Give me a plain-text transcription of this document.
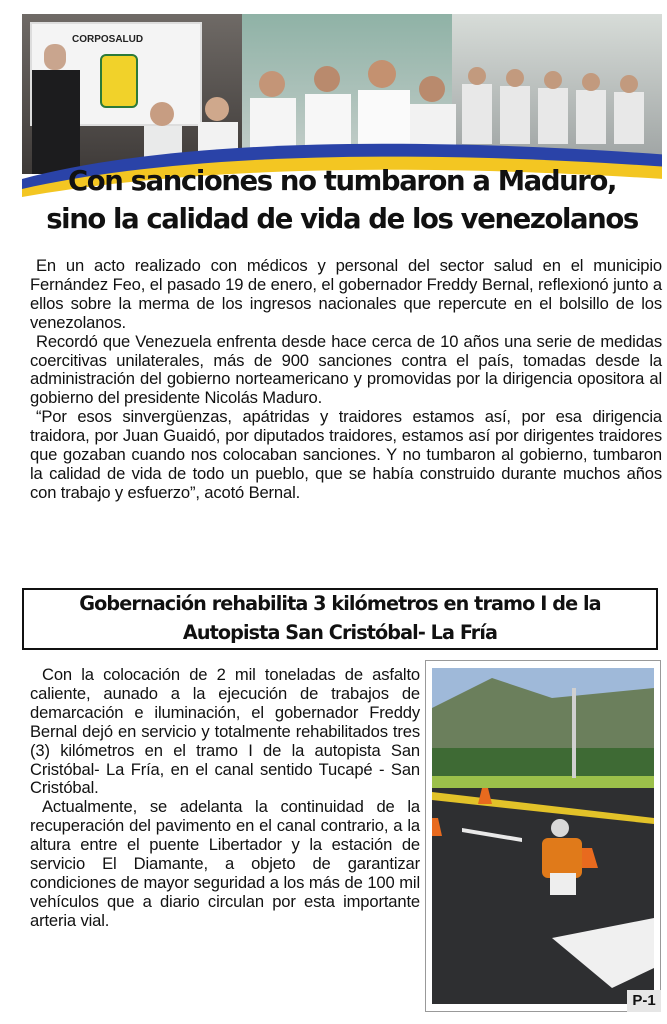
CORPOSALUD
Con sanciones no tumbaron a Maduro,
sino la calidad de vida de los venezolanos

En un acto realizado con médicos y personal del sector salud en el municipio Fernández Feo, el pasado 19 de enero, el gobernador Freddy Bernal, reflexionó junto a ellos sobre la merma de los ingresos nacionales que repercute en el bolsillo de los venezolanos.

Recordó que Venezuela enfrenta desde hace cerca de 10 años una serie de medidas coercitivas unilaterales, más de 900 sanciones contra el país, tomadas desde la administración del gobierno norteamericano y promovidas por la dirigencia opositora al gobierno del presidente Nicolás Maduro.

“Por esos sinvergüenzas, apátridas y traidores estamos así, por esa dirigencia traidora, por Juan Guaidó, por diputados traidores, estamos así por dirigentes traidores que gozaban cuando nos colocaban sanciones. Y no tumbaron al gobierno, tumbaron la calidad de vida de todo un pueblo, que se había construido durante muchos años con trabajo y esfuerzo”, acotó Bernal.

Gobernación rehabilita 3 kilómetros en tramo I de la
Autopista San Cristóbal- La Fría

Con la colocación de 2 mil toneladas de asfalto caliente, aunado a la ejecución de trabajos de demarcación e iluminación, el gobernador Freddy Bernal dejó en servicio y totalmente rehabilitados tres (3) kilómetros en el tramo I de la autopista San Cristóbal- La Fría, en el canal sentido Tucapé - San Cristóbal.

Actualmente, se adelanta la continuidad de la recuperación del pavimento en el canal contrario, a la altura entre el puente Libertador y la estación de servicio El Diamante, a objeto de garantizar condiciones de mayor seguridad a los más de 100 mil vehículos que a diario circulan por esta importante arteria vial.

P-1
